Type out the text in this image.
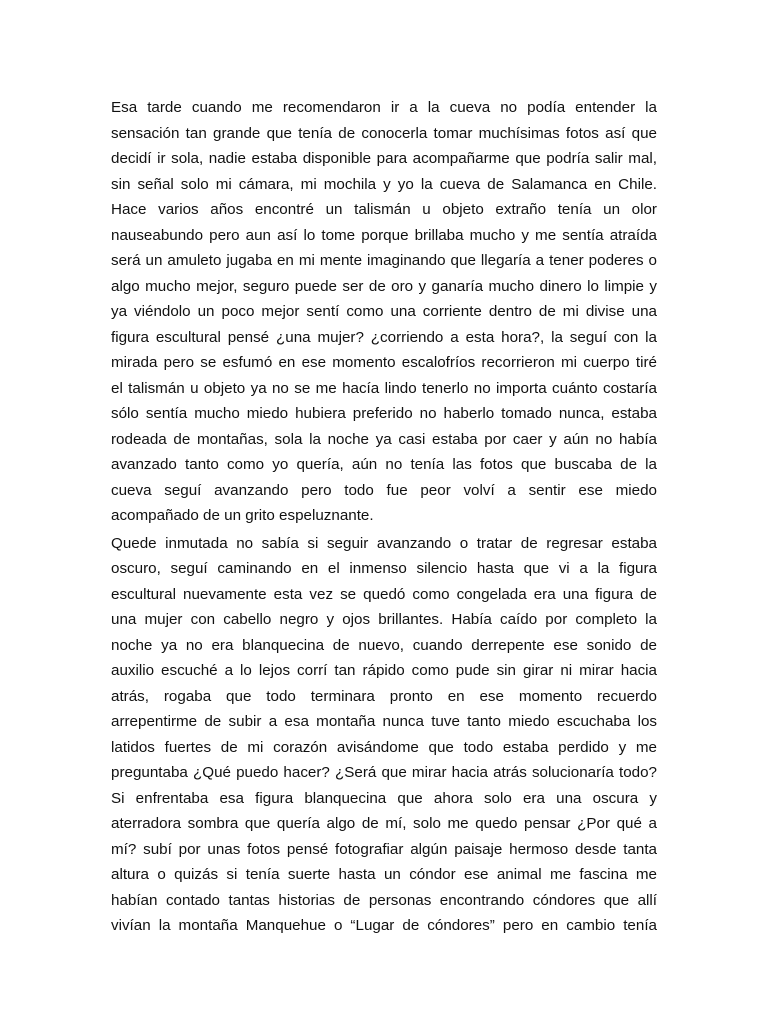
Esa tarde cuando me recomendaron ir a la cueva no podía entender la
sensación tan grande que tenía de conocerla tomar muchísimas fotos así que
decidí ir sola, nadie estaba disponible para acompañarme que podría salir mal,
sin señal solo mi cámara, mi mochila y yo la cueva de Salamanca en Chile.
Hace varios años encontré un talismán u objeto extraño tenía un olor
nauseabundo pero aun así lo tome porque brillaba mucho y me sentía atraída
será un amuleto jugaba en mi mente imaginando que llegaría a tener poderes o
algo mucho mejor, seguro puede ser de oro y ganaría mucho dinero lo limpie y
ya viéndolo un poco mejor sentí como una corriente dentro de mi divise una
figura escultural pensé ¿una mujer? ¿corriendo a esta hora?, la seguí con la
mirada pero se esfumó en ese momento escalofríos recorrieron mi cuerpo tiré
el talismán u objeto ya no se me hacía lindo tenerlo no importa cuánto costaría
sólo sentía mucho miedo hubiera preferido no haberlo tomado nunca, estaba
rodeada de montañas, sola la noche ya casi estaba por caer y aún no había
avanzado tanto como yo quería, aún no tenía las fotos que buscaba de la
cueva seguí avanzando pero todo fue peor volví a sentir ese miedo
acompañado de un grito espeluznante.
Quede inmutada no sabía si seguir avanzando o tratar de regresar estaba
oscuro, seguí caminando en el inmenso silencio hasta que vi a la figura
escultural nuevamente esta vez se quedó como congelada era una figura de
una mujer con cabello negro y ojos brillantes. Había caído por completo la
noche ya no era blanquecina de nuevo, cuando derrepente ese sonido de
auxilio escuché a lo lejos corrí tan rápido como pude sin girar ni mirar hacia
atrás, rogaba que todo terminara pronto en ese momento recuerdo
arrepentirme de subir a esa montaña nunca tuve tanto miedo escuchaba los
latidos fuertes de mi corazón avisándome que todo estaba perdido y me
preguntaba ¿Qué puedo hacer? ¿Será que mirar hacia atrás solucionaría todo?
Si enfrentaba esa figura blanquecina que ahora solo era una oscura y
aterradora sombra que quería algo de mí, solo me quedo pensar ¿Por qué a
mí? subí por unas fotos pensé fotografiar algún paisaje hermoso desde tanta
altura o quizás si tenía suerte hasta un cóndor ese animal me fascina me
habían contado tantas historias de personas encontrando cóndores que allí
vivían la montaña Manquehue o “Lugar de cóndores” pero en cambio tenía
